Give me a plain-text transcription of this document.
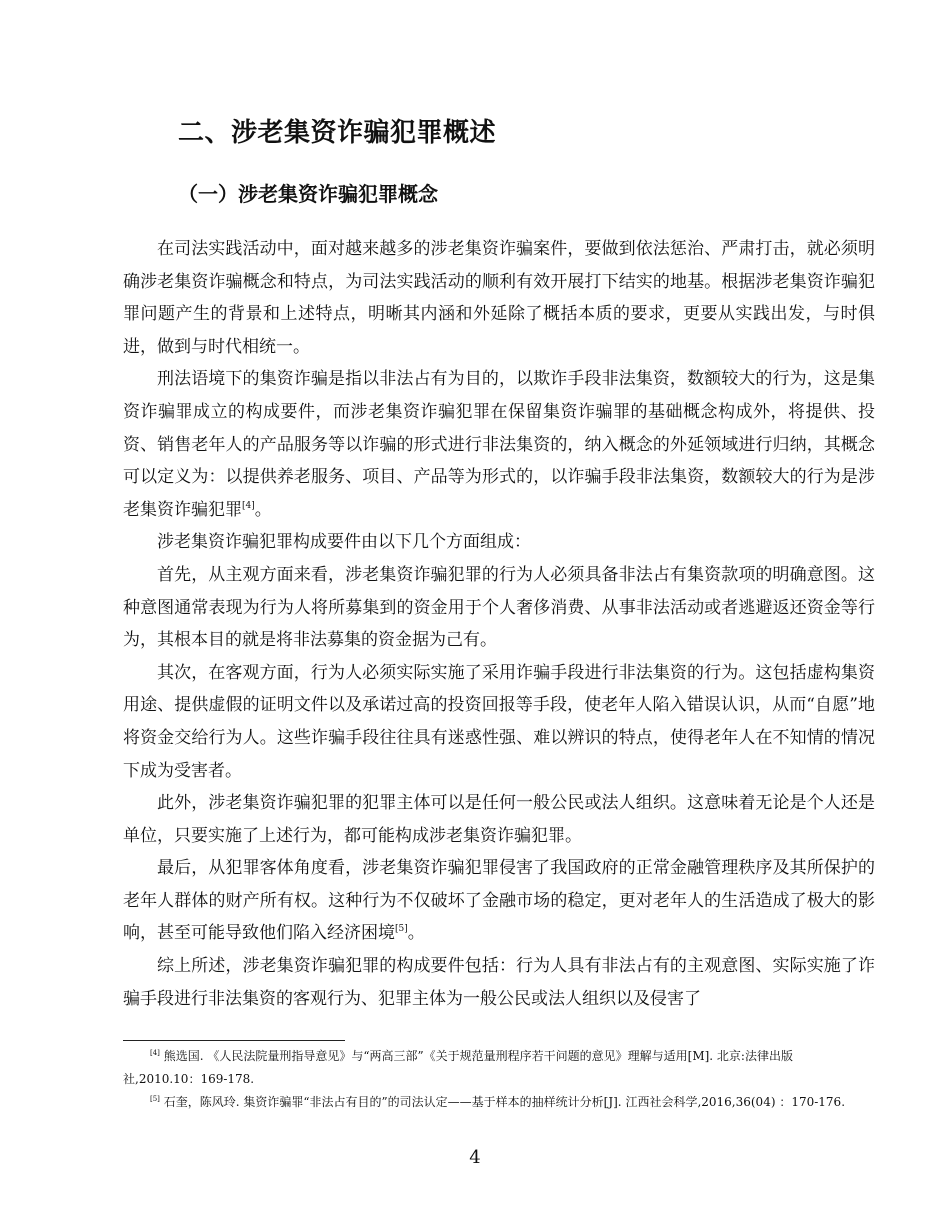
二、涉老集资诈骗犯罪概述
（一）涉老集资诈骗犯罪概念

在司法实践活动中，面对越来越多的涉老集资诈骗案件，要做到依法惩治、严肃打击，就必须明确涉老集资诈骗概念和特点，为司法实践活动的顺利有效开展打下结实的地基。根据涉老集资诈骗犯罪问题产生的背景和上述特点，明晰其内涵和外延除了概括本质的要求，更要从实践出发，与时俱进，做到与时代相统一。

刑法语境下的集资诈骗是指以非法占有为目的，以欺诈手段非法集资，数额较大的行为，这是集资诈骗罪成立的构成要件，而涉老集资诈骗犯罪在保留集资诈骗罪的基础概念构成外，将提供、投资、销售老年人的产品服务等以诈骗的形式进行非法集资的，纳入概念的外延领域进行归纳，其概念可以定义为：以提供养老服务、项目、产品等为形式的，以诈骗手段非法集资，数额较大的行为是涉老集资诈骗犯罪[4]。

涉老集资诈骗犯罪构成要件由以下几个方面组成：

首先，从主观方面来看，涉老集资诈骗犯罪的行为人必须具备非法占有集资款项的明确意图。这种意图通常表现为行为人将所募集到的资金用于个人奢侈消费、从事非法活动或者逃避返还资金等行为，其根本目的就是将非法募集的资金据为己有。

其次，在客观方面，行为人必须实际实施了采用诈骗手段进行非法集资的行为。这包括虚构集资用途、提供虚假的证明文件以及承诺过高的投资回报等手段，使老年人陷入错误认识，从而“自愿”地将资金交给行为人。这些诈骗手段往往具有迷惑性强、难以辨识的特点，使得老年人在不知情的情况下成为受害者。

此外，涉老集资诈骗犯罪的犯罪主体可以是任何一般公民或法人组织。这意味着无论是个人还是单位，只要实施了上述行为，都可能构成涉老集资诈骗犯罪。

最后，从犯罪客体角度看，涉老集资诈骗犯罪侵害了我国政府的正常金融管理秩序及其所保护的老年人群体的财产所有权。这种行为不仅破坏了金融市场的稳定，更对老年人的生活造成了极大的影响，甚至可能导致他们陷入经济困境[5]。

综上所述，涉老集资诈骗犯罪的构成要件包括：行为人具有非法占有的主观意图、实际实施了诈骗手段进行非法集资的客观行为、犯罪主体为一般公民或法人组织以及侵害了

[4] 熊选国. 《人民法院量刑指导意见》与“两高三部”《关于规范量刑程序若干问题的意见》理解与适用[M]. 北京:法律出版社,2010.10：169-178.

[5] 石奎，陈风玲. 集资诈骗罪“非法占有目的”的司法认定——基于样本的抽样统计分析[J]. 江西社会科学,2016,36(04) ：170-176.

4
